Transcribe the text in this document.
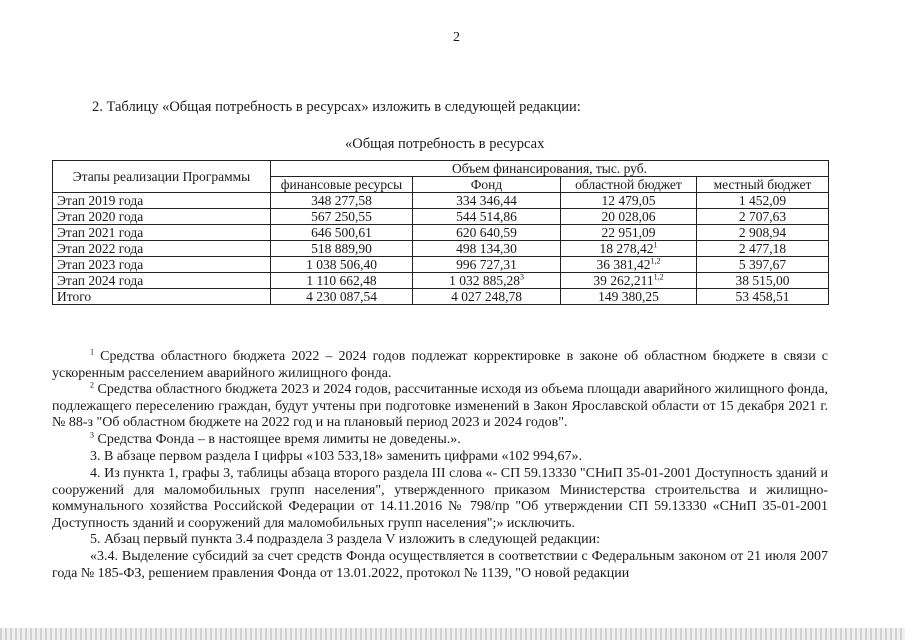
2
2. Таблицу «Общая потребность в ресурсах» изложить в следующей редакции:
«Общая потребность в ресурсах
Этапы реализации Программы	Объем финансирования, тыс. руб.			
	финансовые ресурсы	Фонд	областной бюджет	местный бюджет
Этап 2019 года	348 277,58	334 346,44	12 479,05	1 452,09
Этап 2020 года	567 250,55	544 514,86	20 028,06	2 707,63
Этап 2021 года	646 500,61	620 640,59	22 951,09	2 908,94
Этап 2022 года	518 889,90	498 134,30	18 278,42$^1$	2 477,18
Этап 2023 года	1 038 506,40	996 727,31	36 381,42$^{1,2}$	5 397,67
Этап 2024 года	1 110 662,48	1 032 885,28$^3$	39 262,211$^{1,2}$	38 515,00
Итого	4 230 087,54	4 027 248,78	149 380,25	53 458,51
$^1$ Средства областного бюджета 2022 – 2024 годов подлежат корректировке в законе об областном бюджете в связи с ускоренным расселением аварийного жилищного фонда.
$^2$ Средства областного бюджета 2023 и 2024 годов, рассчитанные исходя из объема площади аварийного жилищного фонда, подлежащего переселению граждан, будут учтены при подготовке изменений в Закон Ярославской области от 15 декабря 2021 г. № 88-з "Об областном бюджете на 2022 год и на плановый период 2023 и 2024 годов".
$^3$ Средства Фонда – в настоящее время лимиты не доведены.».
3. В абзаце первом раздела I цифры «103 533,18» заменить цифрами «102 994,67».
4. Из пункта 1, графы 3, таблицы абзаца второго раздела III слова «- СП 59.13330 "СНиП 35-01-2001 Доступность зданий и сооружений для маломобильных групп населения", утвержденного приказом Министерства строительства и жилищно-коммунального хозяйства Российской Федерации от 14.11.2016 № 798/пр "Об утверждении СП 59.13330 «СНиП 35-01-2001 Доступность зданий и сооружений для маломобильных групп населения";» исключить.
5. Абзац первый пункта 3.4 подраздела 3 раздела V изложить в следующей редакции:
«3.4. Выделение субсидий за счет средств Фонда осуществляется в соответствии с Федеральным законом от 21 июля 2007 года № 185-ФЗ, решением правления Фонда от 13.01.2022, протокол № 1139, "О новой редакции
